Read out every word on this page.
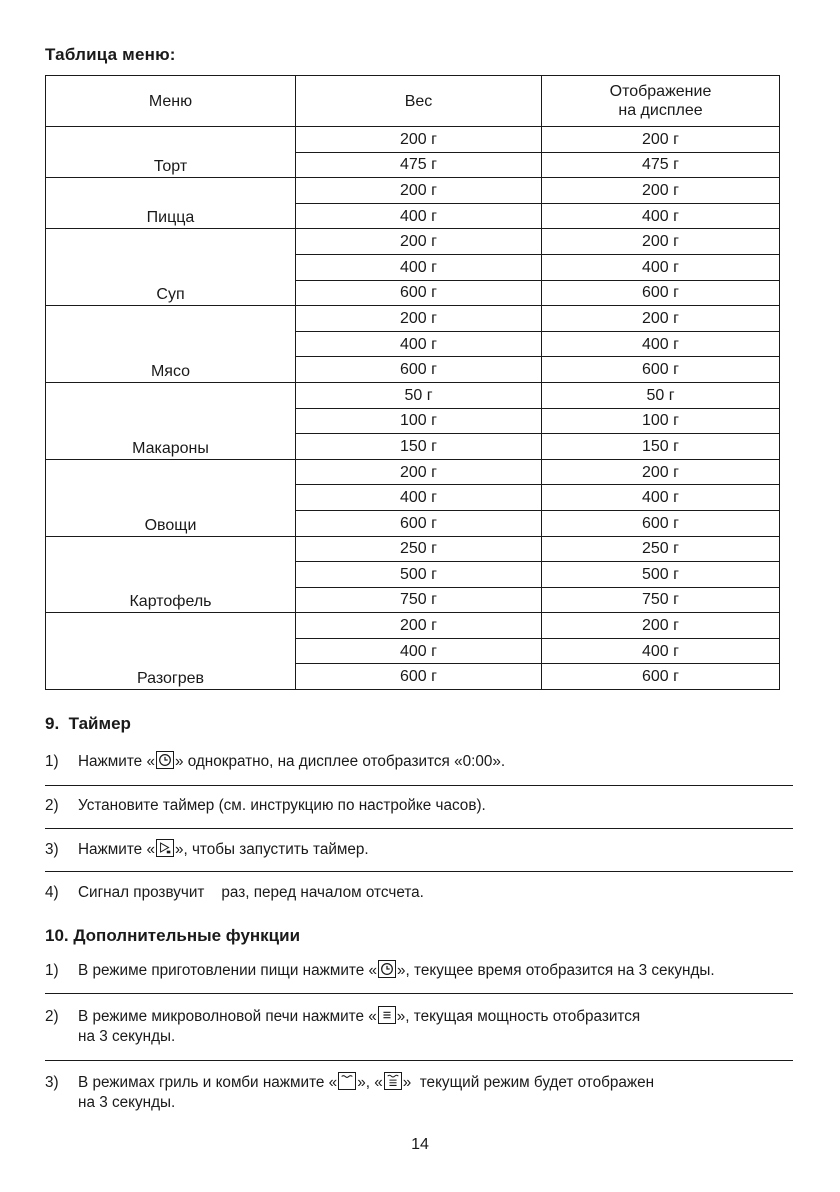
Таблица меню:
Меню	Вес	Отображение
на дисплее
Торт	200 г	200 г
	475 г	475 г
Пицца	200 г	200 г
	400 г	400 г
Суп	200 г	200 г
	400 г	400 г
	600 г	600 г
Мясо	200 г	200 г
	400 г	400 г
	600 г	600 г
Макароны	50 г	50 г
	100 г	100 г
	150 г	150 г
Овощи	200 г	200 г
	400 г	400 г
	600 г	600 г
Картофель	250 г	250 г
	500 г	500 г
	750 г	750 г
Разогрев	200 г	200 г
	400 г	400 г
	600 г	600 г
9.  Таймер
1) Нажмите « » однократно, на дисплее отобразится «0:00».
2) Установите таймер (см. инструкцию по настройке часов).
3) Нажмите « », чтобы запустить таймер.
4) Сигнал прозвучит    раз, перед началом отсчета.
10. Дополнительные функции
1) В режиме приготовлении пищи нажмите « », текущее время отобразится на 3 секунды.
2) В режиме микроволновой печи нажмите « », текущая мощность отобразится
на 3 секунды.
3) В режимах гриль и комби нажмите « », « »  текущий режим будет отображен
на 3 секунды.
14
